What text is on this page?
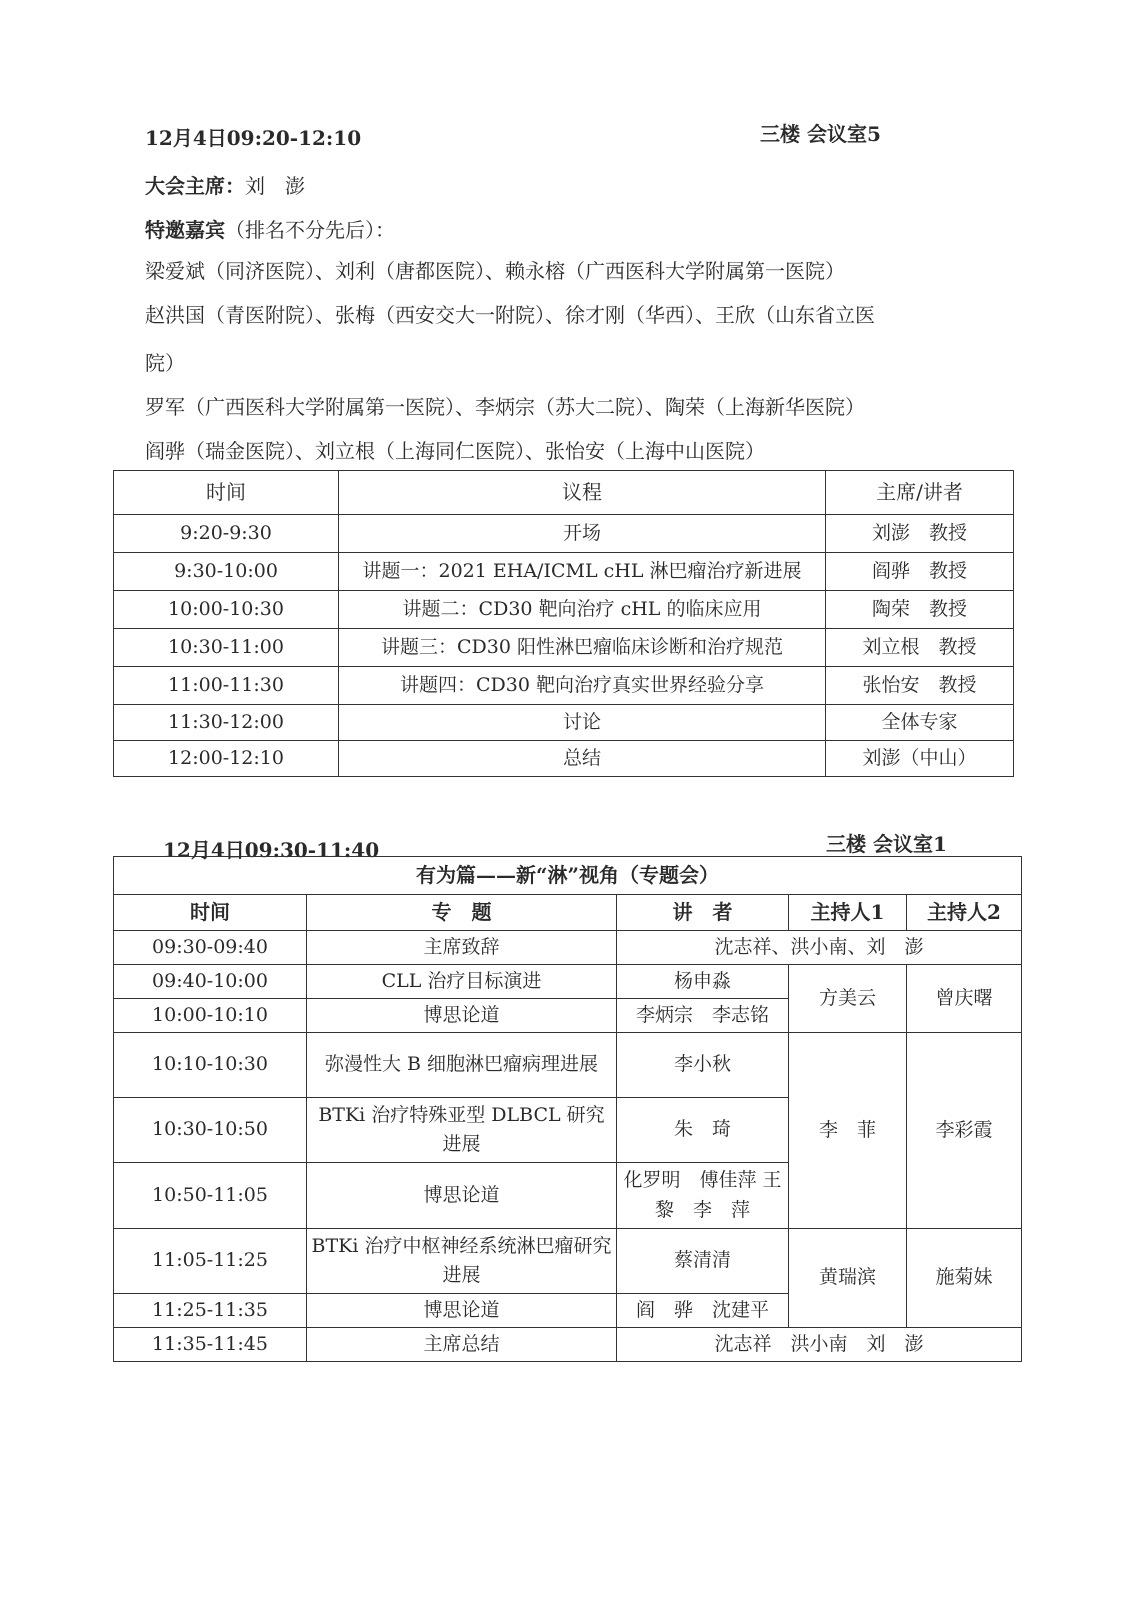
12月4日09:20-12:10	三楼 会议室5
大会主席：刘　澎
特邀嘉宾（排名不分先后）：
梁爱斌（同济医院）、刘利（唐都医院）、赖永榕（广西医科大学附属第一医院）
赵洪国（青医附院）、张梅（西安交大一附院）、徐才刚（华西）、王欣（山东省立医
院）
罗军（广西医科大学附属第一医院）、李炳宗（苏大二院）、陶荣（上海新华医院）
阎骅（瑞金医院）、刘立根（上海同仁医院）、张怡安（上海中山医院）
时间	议程	主席/讲者
9:20-9:30	开场	刘澎　教授
9:30-10:00	讲题一：2021 EHA/ICML cHL 淋巴瘤治疗新进展	阎骅　教授
10:00-10:30	讲题二：CD30 靶向治疗 cHL 的临床应用	陶荣　教授
10:30-11:00	讲题三：CD30 阳性淋巴瘤临床诊断和治疗规范	刘立根　教授
11:00-11:30	讲题四：CD30 靶向治疗真实世界经验分享	张怡安　教授
11:30-12:00	讨论	全体专家
12:00-12:10	总结	刘澎（中山）
12月4日09:30-11:40	三楼 会议室1
有为篇——新“淋”视角（专题会）				
时间	专　题	讲　者	主持人1	主持人2
09:30-09:40	主席致辞	沈志祥、洪小南、刘　澎		
09:40-10:00	CLL 治疗目标演进	杨申淼	方美云	曾庆曙
10:00-10:10	博思论道	李炳宗　李志铭		
10:10-10:30	弥漫性大 B 细胞淋巴瘤病理进展	李小秋	李　菲	李彩霞
10:30-10:50	BTKi 治疗特殊亚型 DLBCL 研究进展	朱　琦		
10:50-11:05	博思论道	化罗明　傅佳萍 王　黎　李　萍		
11:05-11:25	BTKi 治疗中枢神经系统淋巴瘤研究进展	蔡清清	黄瑞滨	施菊妹
11:25-11:35	博思论道	阎　骅　沈建平		
11:35-11:45	主席总结	沈志祥　洪小南　刘　澎		
